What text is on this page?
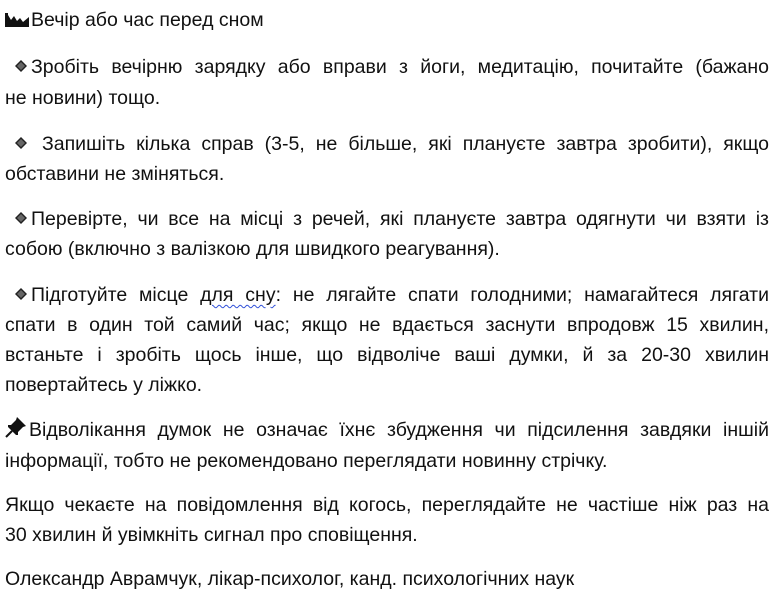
Вечір або час перед сном
Зробіть вечірню зарядку або вправи з йоги, медитацію, почитайте (бажано
не новини) тощо.
Запишіть кілька справ (3-5, не більше, які плануєте завтра зробити), якщо
обставини не зміняться.
Перевірте, чи все на місці з речей, які плануєте завтра одягнути чи взяти із
собою (включно з валізкою для швидкого реагування).
Підготуйте місце для сну: не лягайте спати голодними; намагайтеся лягати
спати в один той самий час; якщо не вдається заснути впродовж 15 хвилин,
встаньте і зробіть щось інше, що відволіче ваші думки, й за 20-30 хвилин
повертайтесь у ліжко.
Відволікання думок не означає їхнє збудження чи підсилення завдяки іншій
інформації, тобто не рекомендовано переглядати новинну стрічку.
Якщо чекаєте на повідомлення від когось, переглядайте не частіше ніж раз на
30 хвилин й увімкніть сигнал про сповіщення.
Олександр Аврамчук, лікар-психолог, канд. психологічних наук
